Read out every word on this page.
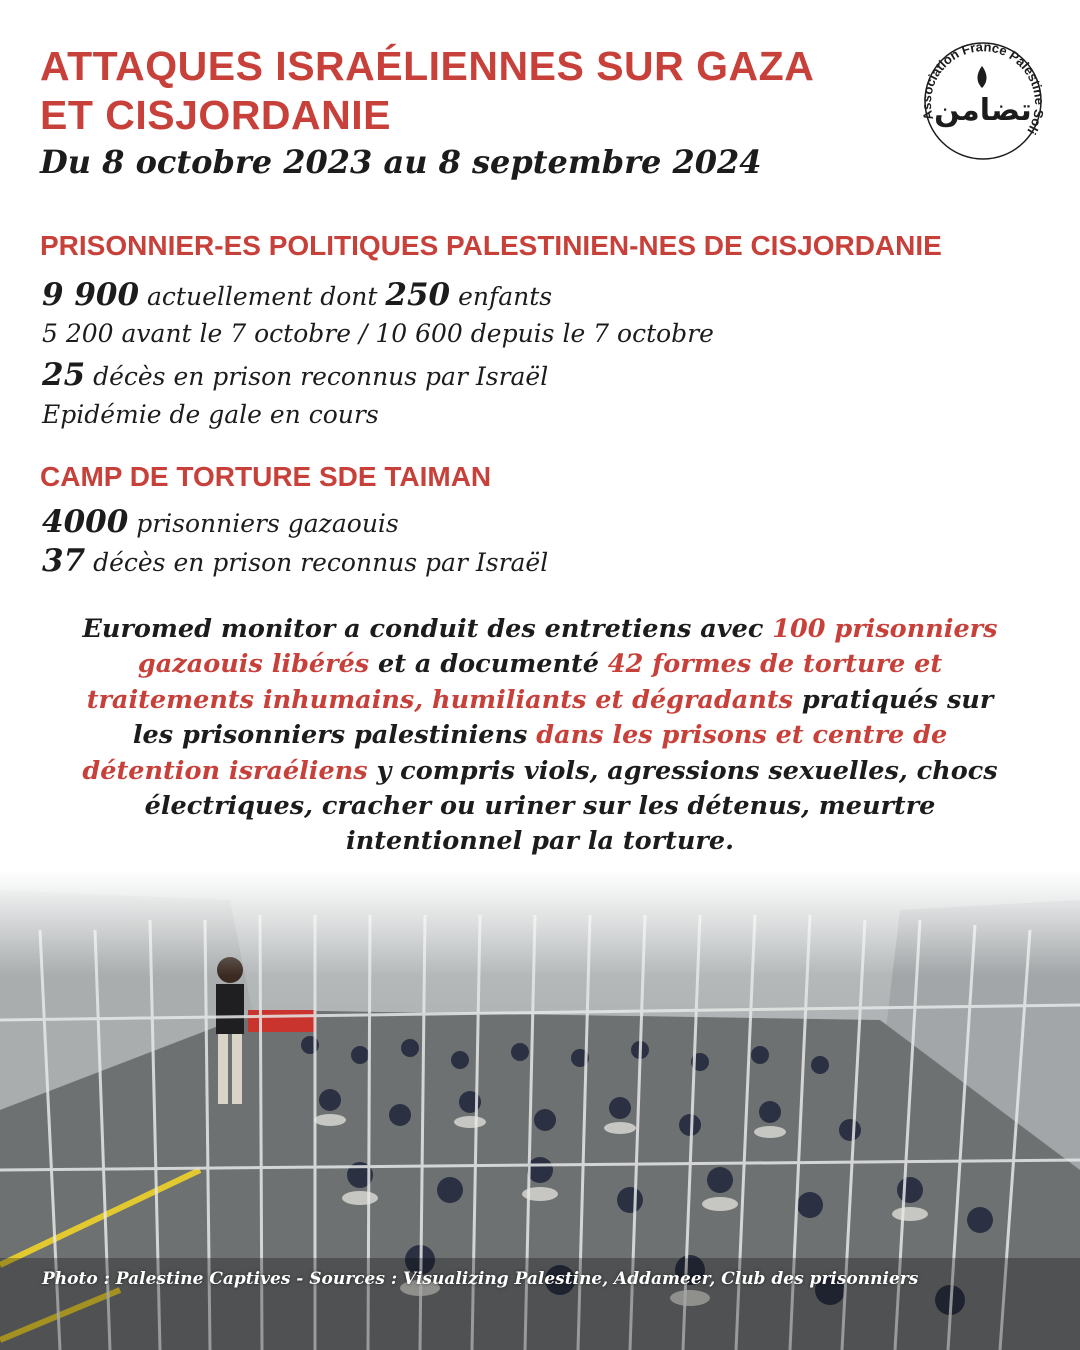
ATTAQUES ISRAÉLIENNES SUR GAZA ET CISJORDANIE

Du 8 octobre 2023 au 8 septembre 2024

Association France Palestine Soli
تضامن
PRISONNIER-ES POLITIQUES PALESTINIEN-NES DE CISJORDANIE

9 900 actuellement dont 250 enfants

5 200 avant le 7 octobre / 10 600 depuis le 7 octobre

25 décès en prison reconnus par Israël

Epidémie de gale en cours

CAMP DE TORTURE SDE TAIMAN

4000 prisonniers gazaouis

37 décès en prison reconnus par Israël

Euromed monitor a conduit des entretiens avec 100 prisonniers gazaouis libérés et a documenté 42 formes de torture et traitements inhumains, humiliants et dégradants pratiqués sur les prisonniers palestiniens dans les prisons et centre de détention israéliens y compris viols, agressions sexuelles, chocs électriques, cracher ou uriner sur les détenus, meurtre intentionnel par la torture.

Photo : Palestine Captives - Sources : Visualizing Palestine, Addameer, Club des prisonniers
